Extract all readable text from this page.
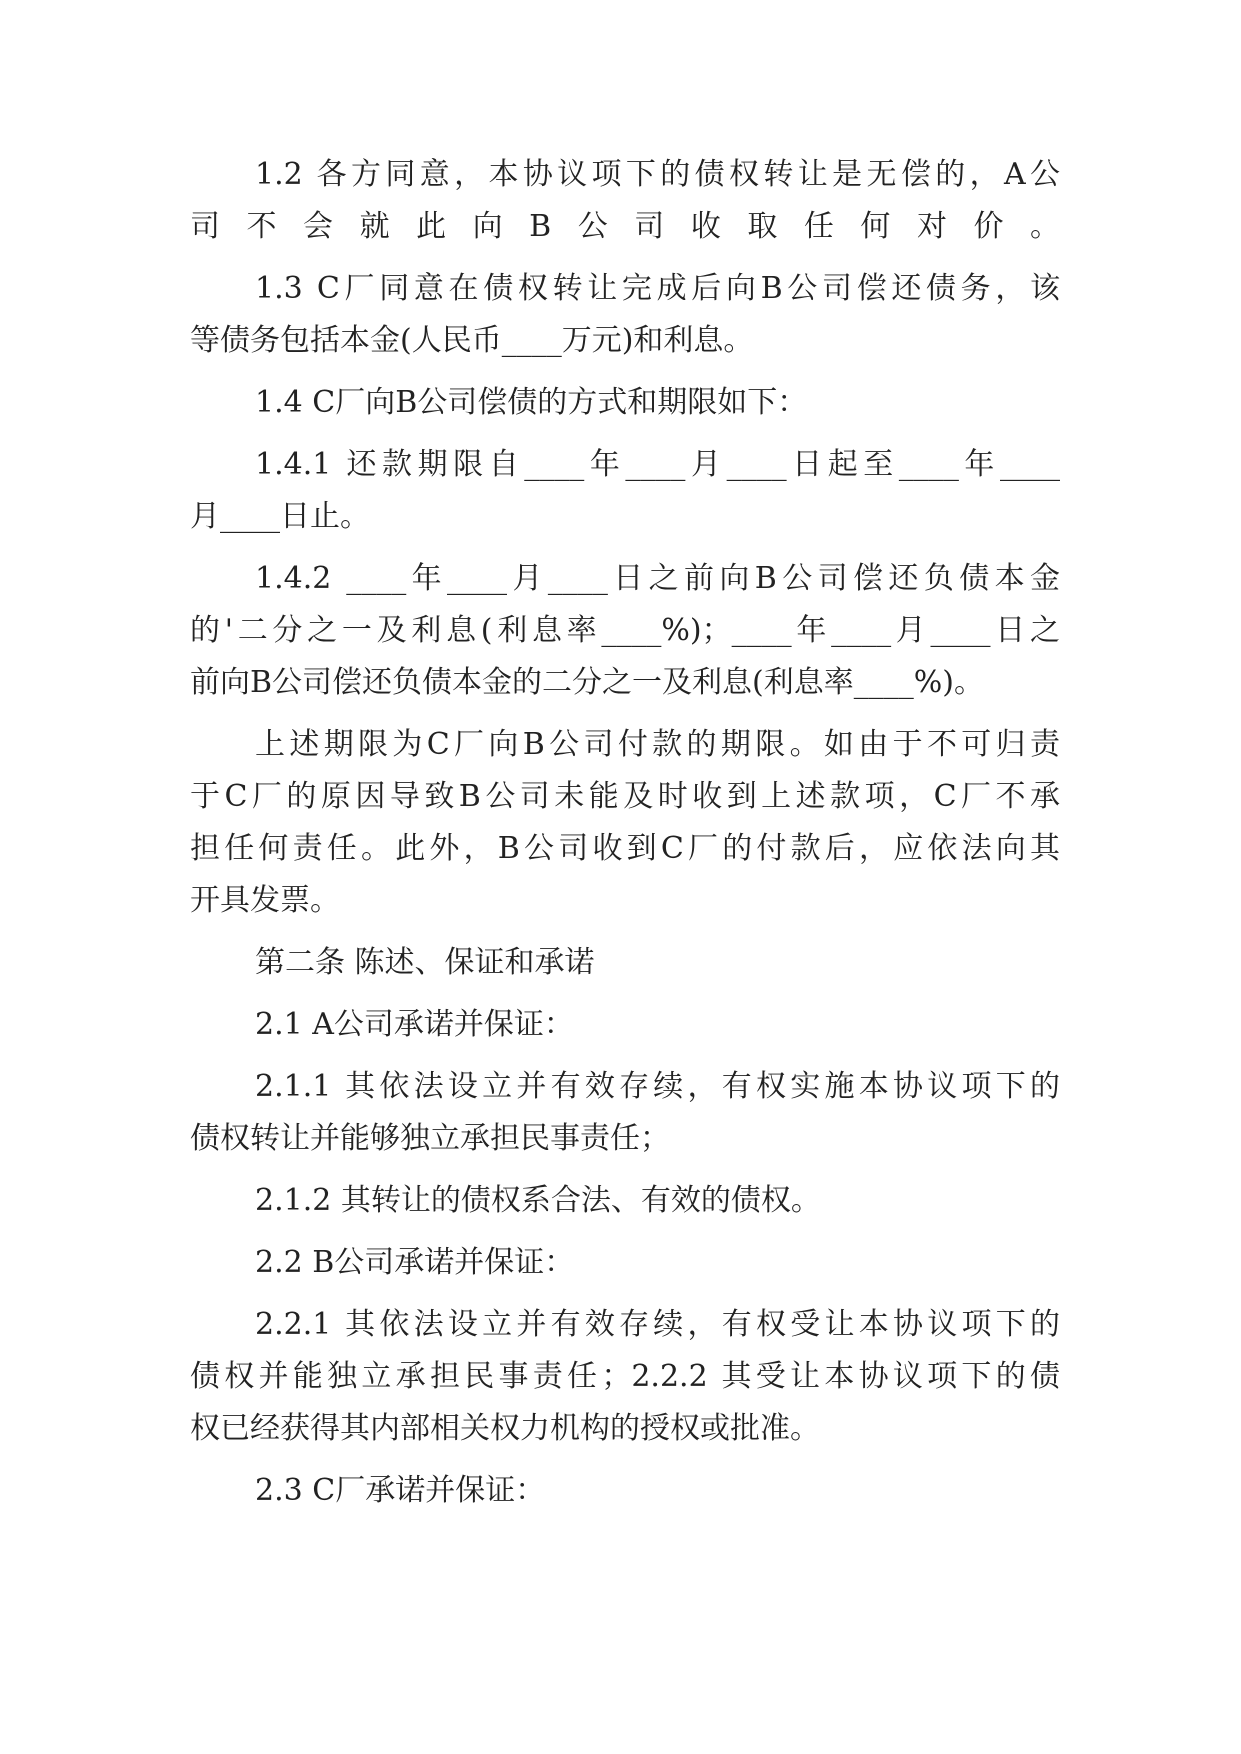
1.2 各方同意，本协议项下的债权转让是无偿的，A公
司不会就此向B公司收取任何对价。
1.3 C厂同意在债权转让完成后向B公司偿还债务，该
等债务包括本金(人民币____万元)和利息。
1.4 C厂向B公司偿债的方式和期限如下：
1.4.1 还款期限自____年____月____日起至____年____
月____日止。
1.4.2 ____年____月____日之前向B公司偿还负债本金
的'二分之一及利息(利息率____%)；____年____月____日之
前向B公司偿还负债本金的二分之一及利息(利息率____%)。
上述期限为C厂向B公司付款的期限。如由于不可归责
于C厂的原因导致B公司未能及时收到上述款项，C厂不承
担任何责任。此外，B公司收到C厂的付款后，应依法向其
开具发票。
第二条 陈述、保证和承诺
2.1 A公司承诺并保证：
2.1.1 其依法设立并有效存续，有权实施本协议项下的
债权转让并能够独立承担民事责任；
2.1.2 其转让的债权系合法、有效的债权。
2.2 B公司承诺并保证：
2.2.1 其依法设立并有效存续，有权受让本协议项下的
债权并能独立承担民事责任；2.2.2 其受让本协议项下的债
权已经获得其内部相关权力机构的授权或批准。
2.3 C厂承诺并保证：
